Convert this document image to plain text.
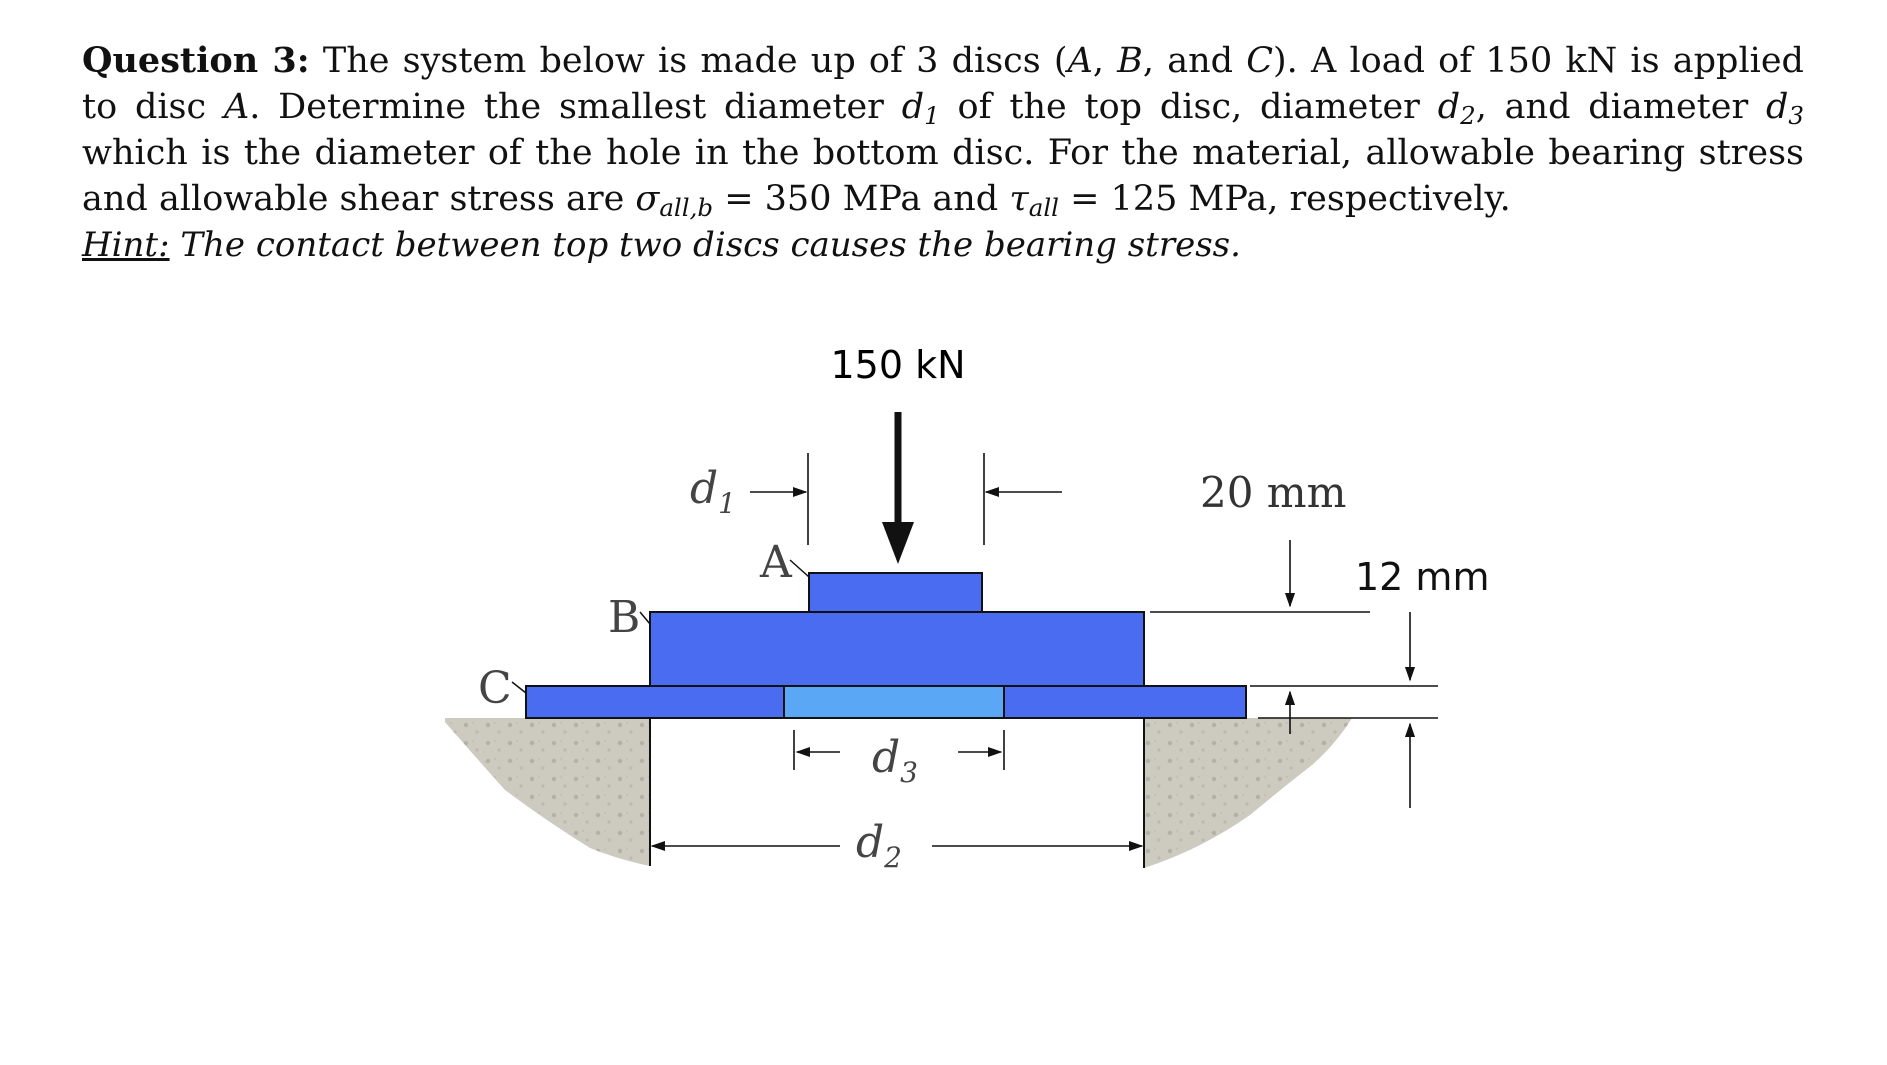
Question 3: The system below is made up of 3 discs (A, B, and C). A load of 150 kN is applied to disc A. Determine the smallest diameter $d_1$ of the top disc, diameter $d_2$, and diameter $d_3$ which is the diameter of the hole in the bottom disc. For the material, allowable bearing stress and allowable shear stress are $\sigma_{all,b} = 350$ MPa and $\tau_{all} = 125$ MPa, respectively.

Hint: The contact between top two discs causes the bearing stress.

150 kN
$d_1$
A
B
C
20 mm
12 mm
$d_3$
$d_2$
